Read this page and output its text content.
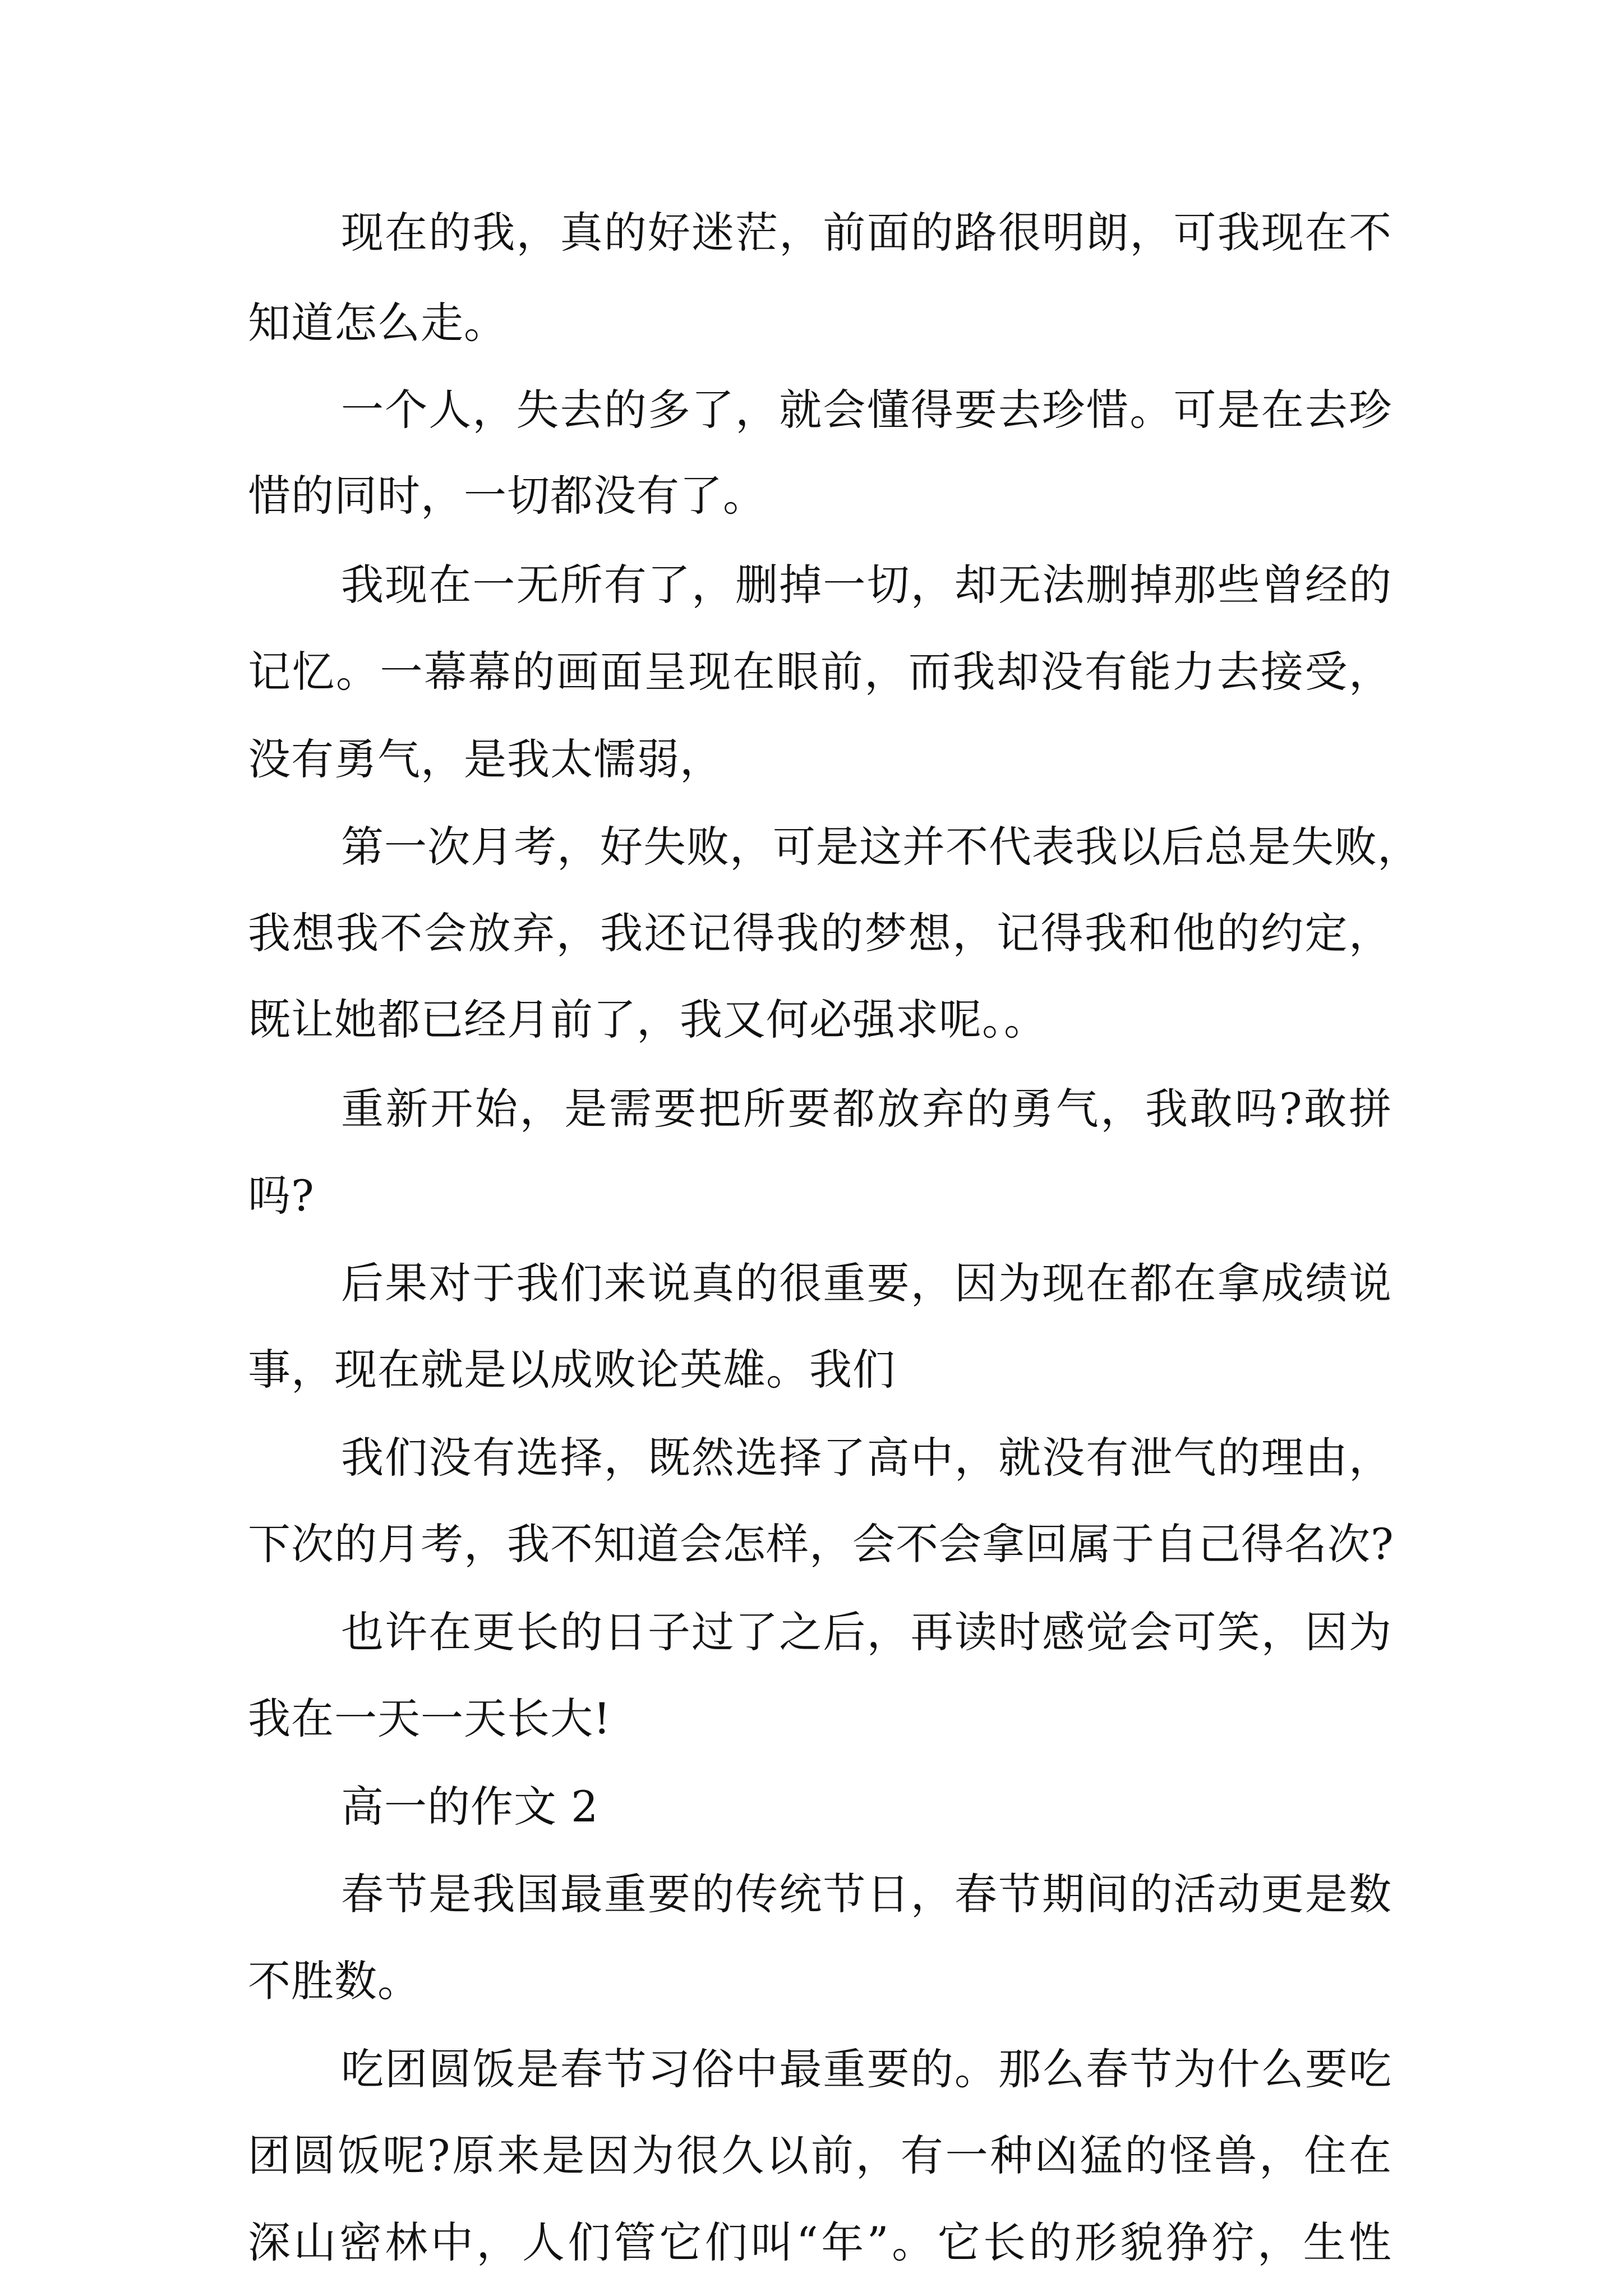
现在的我，真的好迷茫，前面的路很明朗，可我现在不
知道怎么走。
一个人，失去的多了，就会懂得要去珍惜。可是在去珍
惜的同时，一切都没有了。
我现在一无所有了，删掉一切，却无法删掉那些曾经的
记忆。一幕幕的画面呈现在眼前，而我却没有能力去接受，
没有勇气，是我太懦弱，
第一次月考，好失败，可是这并不代表我以后总是失败，
我想我不会放弃，我还记得我的梦想，记得我和他的约定，
既让她都已经月前了，我又何必强求呢。。
重新开始，是需要把所要都放弃的勇气，我敢吗?敢拼
吗?
后果对于我们来说真的很重要，因为现在都在拿成绩说
事，现在就是以成败论英雄。我们
我们没有选择，既然选择了高中，就没有泄气的理由，
下次的月考，我不知道会怎样，会不会拿回属于自己得名次?
也许在更长的日子过了之后，再读时感觉会可笑，因为
我在一天一天长大!
高一的作文 2
春节是我国最重要的传统节日，春节期间的活动更是数
不胜数。
吃团圆饭是春节习俗中最重要的。那么春节为什么要吃
团圆饭呢?原来是因为很久以前，有一种凶猛的怪兽，住在
深山密林中，人们管它们叫“年”。它长的形貌狰狞，生性
